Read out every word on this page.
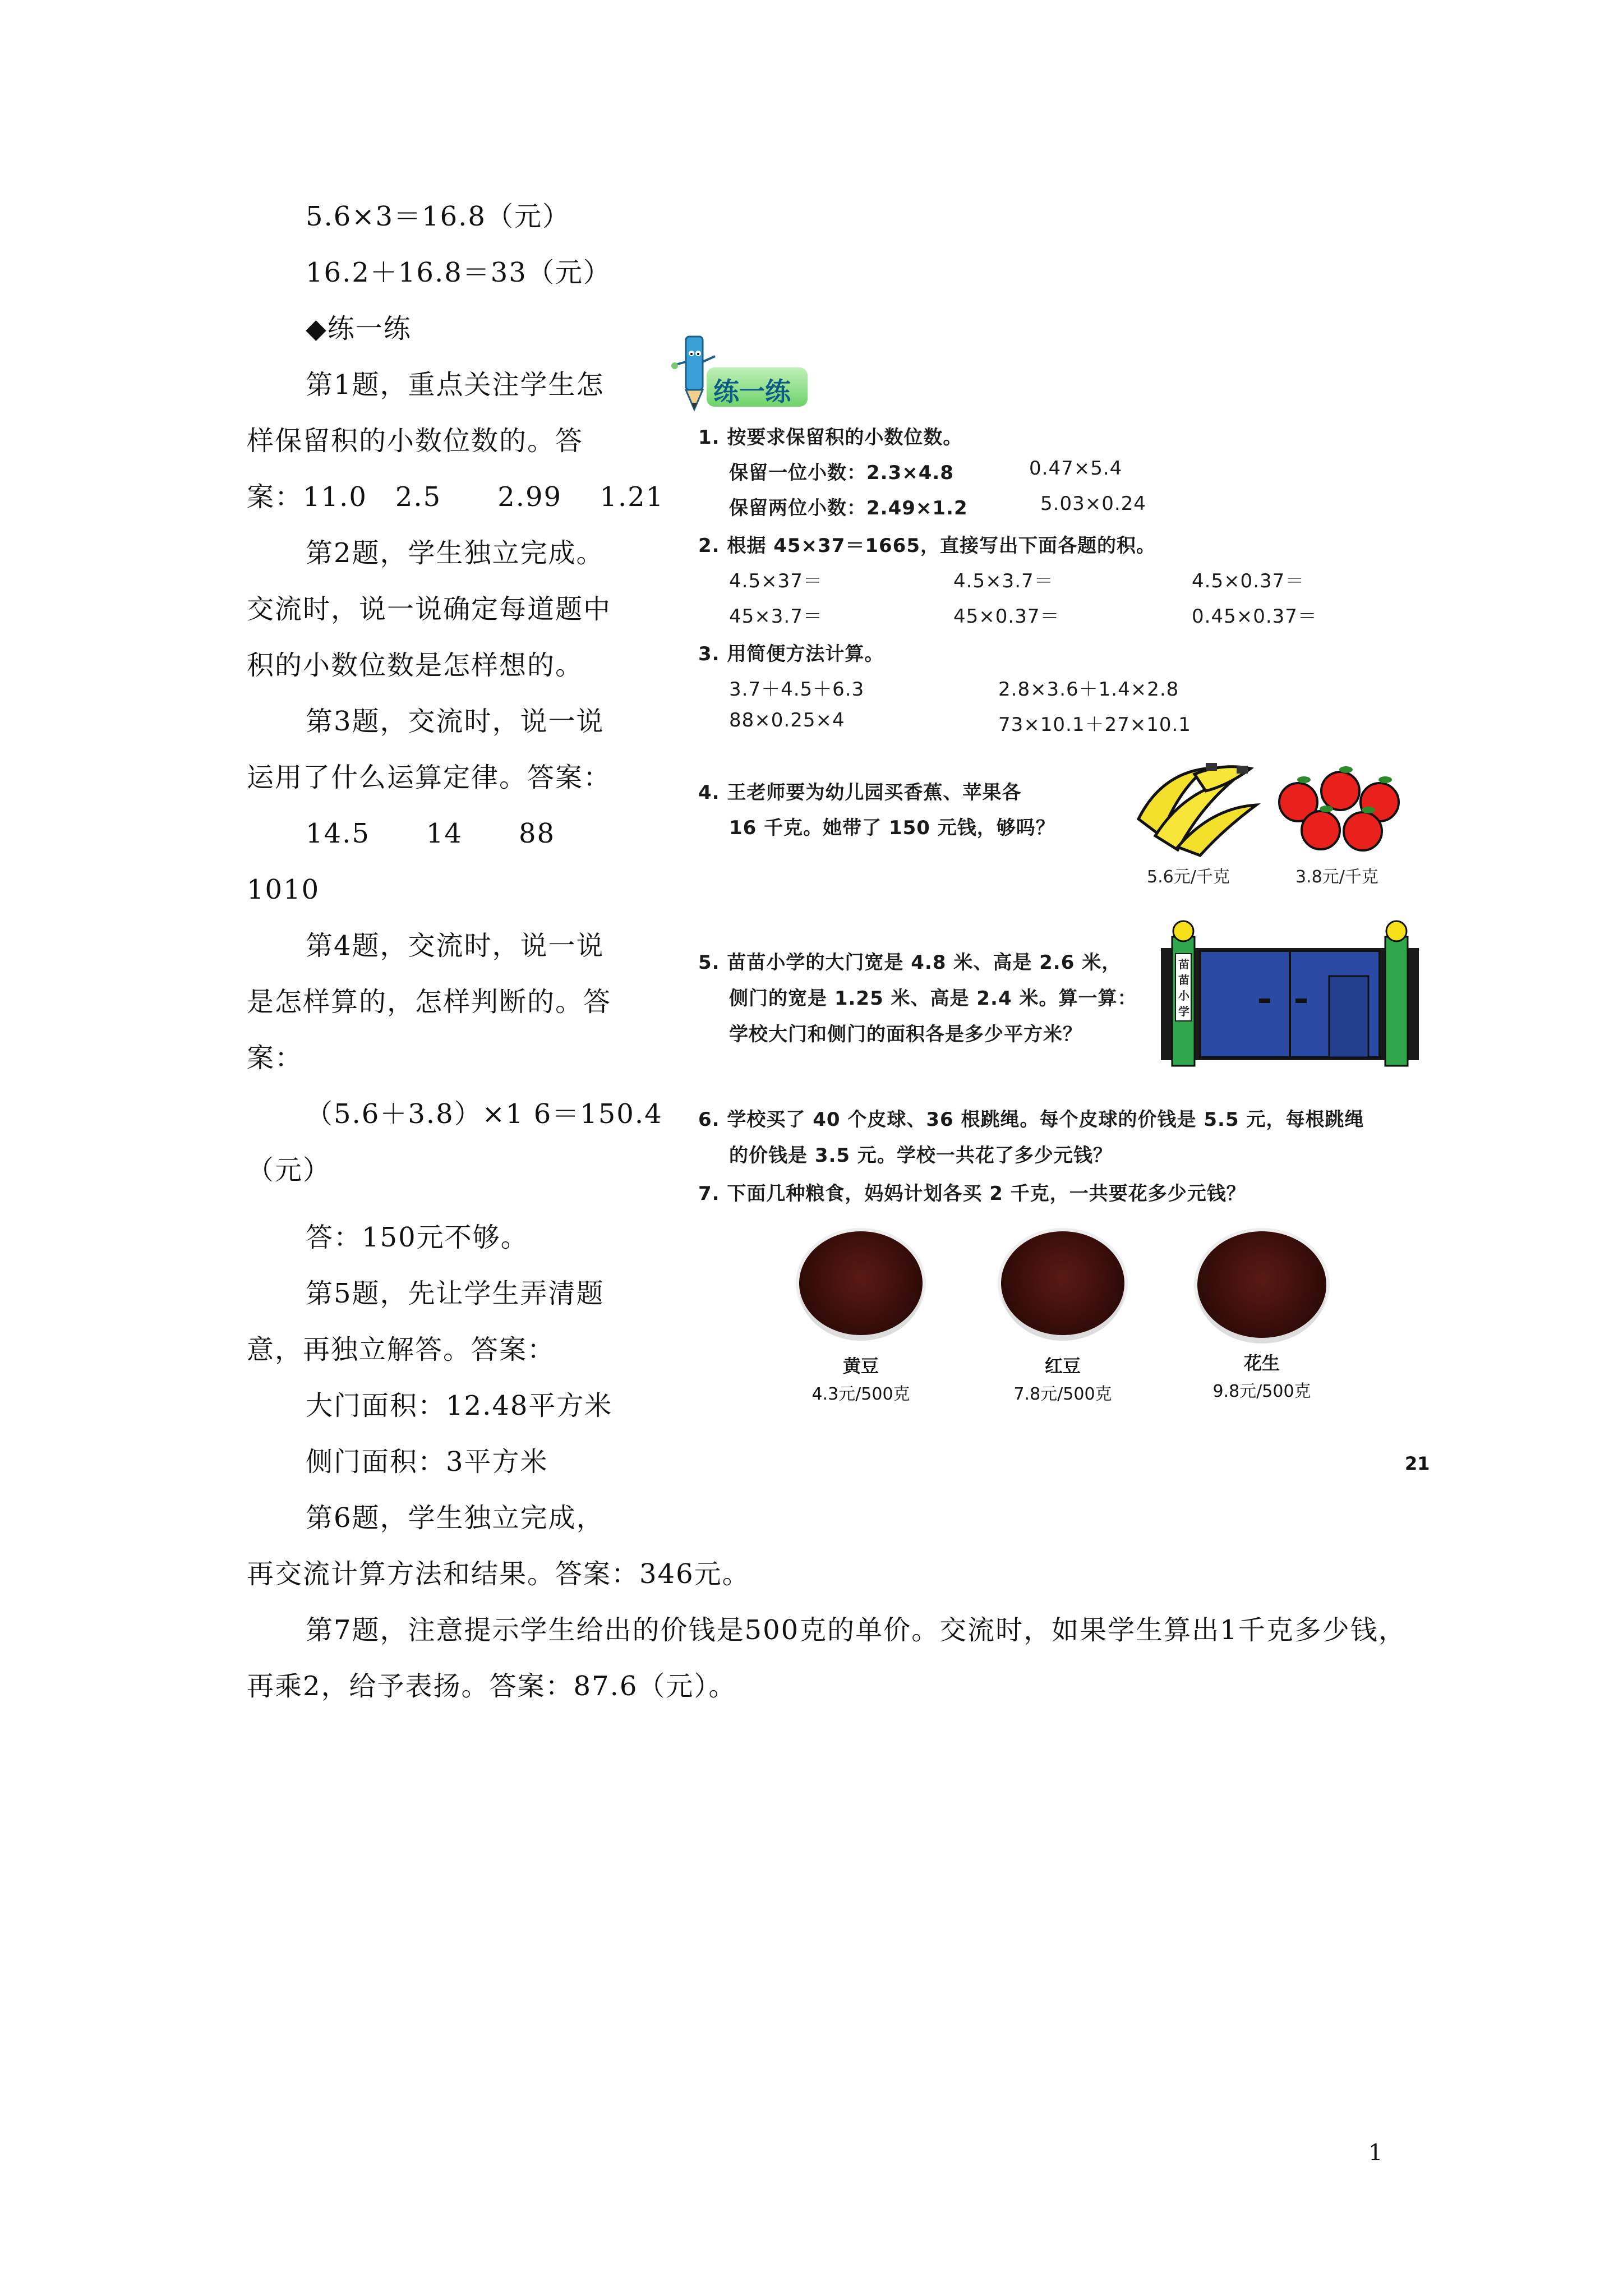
5.6×3＝16.8（元）
16.2＋16.8＝33（元）
◆练一练
第1题，重点关注学生怎
样保留积的小数位数的。答
案：11.0　2.5　　2.99　 1.21
第2题，学生独立完成。
交流时，说一说确定每道题中
积的小数位数是怎样想的。
第3题，交流时，说一说
运用了什么运算定律。答案：
14.5　　14　　88
1010
第4题，交流时，说一说
是怎样算的，怎样判断的。答
案：
（5.6＋3.8）×1 6＝150.4
（元）
答：150元不够。
第5题，先让学生弄清题
意，再独立解答。答案：
大门面积：12.48平方米
侧门面积：3平方米
第6题，学生独立完成，
再交流计算方法和结果。答案：346元。
第7题，注意提示学生给出的价钱是500克的单价。交流时，如果学生算出1千克多少钱，
再乘2，给予表扬。答案：87.6（元）。
练一练
1. 按要求保留积的小数位数。
保留一位小数：2.3×4.8	0.47×5.4
保留两位小数：2.49×1.2	5.03×0.24
2. 根据 45×37＝1665，直接写出下面各题的积。
4.5×37＝	4.5×3.7＝	4.5×0.37＝
45×3.7＝	45×0.37＝	0.45×0.37＝
3. 用简便方法计算。
3.7＋4.5＋6.3	2.8×3.6＋1.4×2.8
88×0.25×4	73×10.1＋27×10.1
4. 王老师要为幼儿园买香蕉、苹果各
16 千克。她带了 150 元钱，够吗？
5.6元/千克	3.8元/千克
5. 苗苗小学的大门宽是 4.8 米、高是 2.6 米，
侧门的宽是 1.25 米、高是 2.4 米。算一算：
学校大门和侧门的面积各是多少平方米？
苗苗小学
6. 学校买了 40 个皮球、36 根跳绳。每个皮球的价钱是 5.5 元，每根跳绳
的价钱是 3.5 元。学校一共花了多少元钱？
7. 下面几种粮食，妈妈计划各买 2 千克，一共要花多少元钱？
黄豆
4.3元/500克
红豆
7.8元/500克
花生
9.8元/500克
21
1
